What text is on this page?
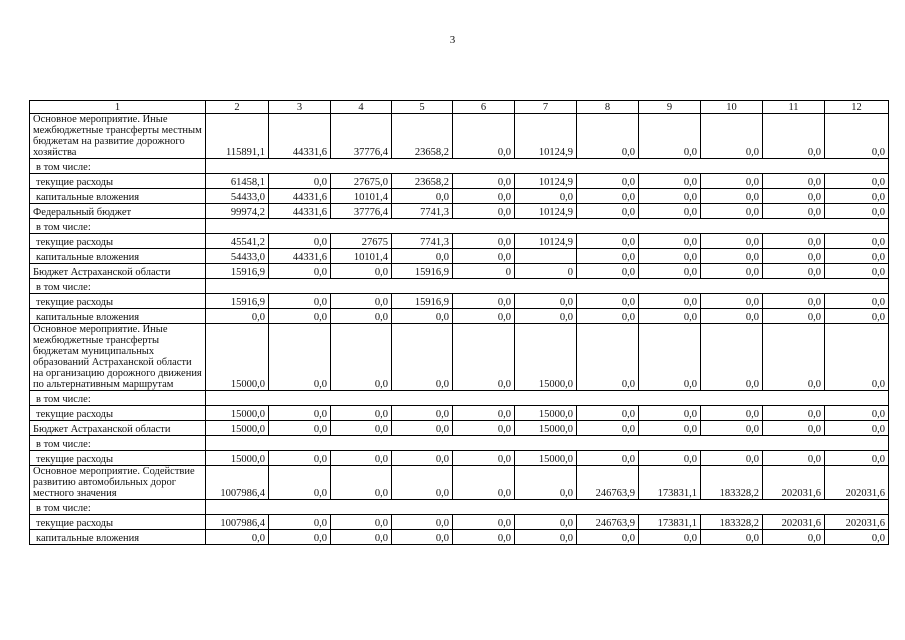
3
1	2	3	4	5	6	7	8	9	10	11	12
Основное мероприятие. Иные межбюджетные трансферты местным бюджетам на развитие дорожного хозяйства	115891,1	44331,6	37776,4	23658,2	0,0	10124,9	0,0	0,0	0,0	0,0	0,0
в том числе:											
текущие расходы	61458,1	0,0	27675,0	23658,2	0,0	10124,9	0,0	0,0	0,0	0,0	0,0
капитальные вложения	54433,0	44331,6	10101,4	0,0	0,0	0,0	0,0	0,0	0,0	0,0	0,0
Федеральный бюджет	99974,2	44331,6	37776,4	7741,3	0,0	10124,9	0,0	0,0	0,0	0,0	0,0
в том числе:											
текущие расходы	45541,2	0,0	27675	7741,3	0,0	10124,9	0,0	0,0	0,0	0,0	0,0
капитальные вложения	54433,0	44331,6	10101,4	0,0	0,0		0,0	0,0	0,0	0,0	0,0
Бюджет Астраханской области	15916,9	0,0	0,0	15916,9	0	0	0,0	0,0	0,0	0,0	0,0
в том числе:											
текущие расходы	15916,9	0,0	0,0	15916,9	0,0	0,0	0,0	0,0	0,0	0,0	0,0
капитальные вложения	0,0	0,0	0,0	0,0	0,0	0,0	0,0	0,0	0,0	0,0	0,0
Основное мероприятие. Иные межбюджетные трансферты бюджетам муниципальных образований Астраханской области на организацию дорожного движения по альтернативным маршрутам	15000,0	0,0	0,0	0,0	0,0	15000,0	0,0	0,0	0,0	0,0	0,0
в том числе:											
текущие расходы	15000,0	0,0	0,0	0,0	0,0	15000,0	0,0	0,0	0,0	0,0	0,0
Бюджет Астраханской области	15000,0	0,0	0,0	0,0	0,0	15000,0	0,0	0,0	0,0	0,0	0,0
в том числе:											
текущие расходы	15000,0	0,0	0,0	0,0	0,0	15000,0	0,0	0,0	0,0	0,0	0,0
Основное мероприятие. Содействие развитию автомобильных дорог местного значения	1007986,4	0,0	0,0	0,0	0,0	0,0	246763,9	173831,1	183328,2	202031,6	202031,6
в том числе:											
текущие расходы	1007986,4	0,0	0,0	0,0	0,0	0,0	246763,9	173831,1	183328,2	202031,6	202031,6
капитальные вложения	0,0	0,0	0,0	0,0	0,0	0,0	0,0	0,0	0,0	0,0	0,0
